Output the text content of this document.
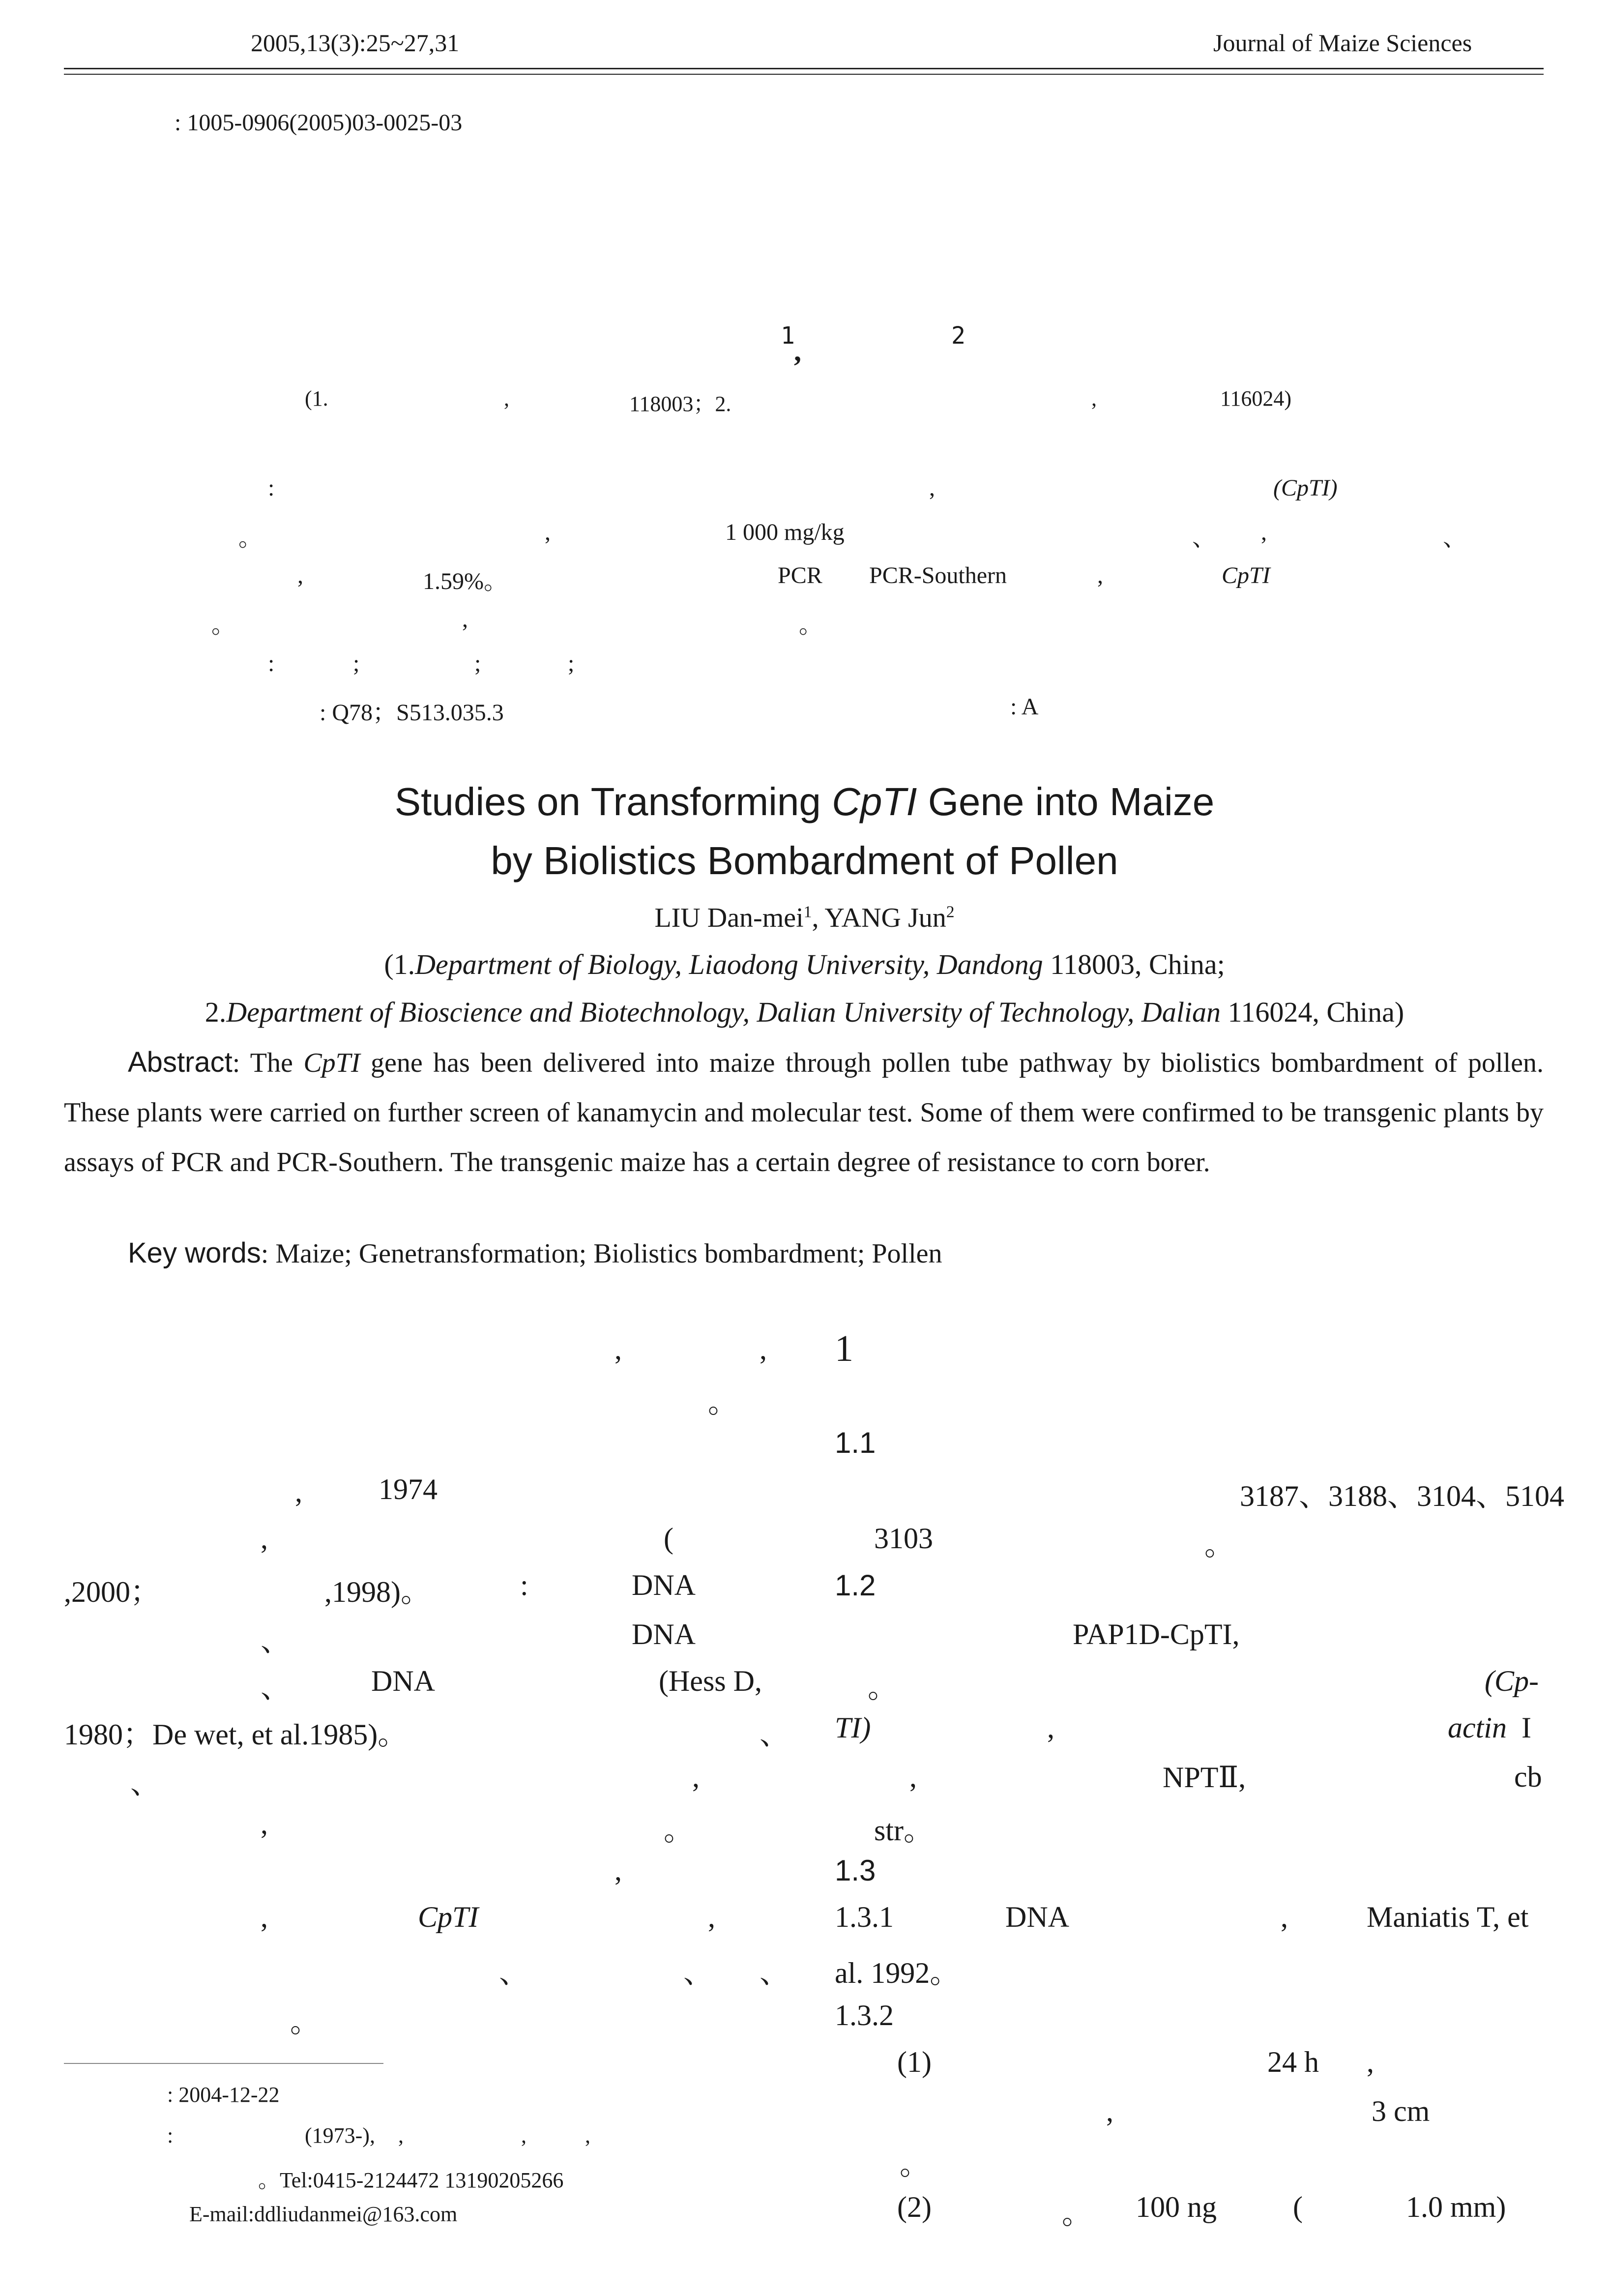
2005,13(3):25~27,31	Journal of Maize Sciences
: 1005-0906(2005)03-0025-03
1
,	2
(1.	,	118003；2.	,	116024)
:	,	(CpTI)
。	,	1 000 mg/kg	、 ,	、
,	1.59%。	PCR PCR-Southern	,	CpTI
。	,	。
:	;	;	;
: Q78；S513.035.3	: A
Studies on Transforming CpTI Gene into Maize
by Biolistics Bombardment of Pollen
LIU Dan-mei$^1$, YANG Jun$^2$
(1.Department of Biology, Liaodong University, Dandong 118003, China;
2.Department of Bioscience and Biotechnology, Dalian University of Technology, Dalian 116024, China)
Abstract: The CpTI gene has been delivered into maize through pollen tube pathway by biolistics bombardment of pollen. These plants were carried on further screen of kanamycin and molecular test. Some of them were confirmed to be transgenic plants by assays of PCR and PCR-Southern. The transgenic maize has a certain degree of resistance to corn borer.
Key words: Maize; Genetransformation; Biolistics bombardment; Pollen
,	,
。
,	1974
,	(
,2000；	,1998)。	:	DNA
、	DNA
、	DNA	(Hess D,
1980；De wet, et al.1985)。	、
、	,
,	。
,
,	CpTI	,
、	、 、
。
1
1.1
3187、3188、3104、5104
3103	。
1.2
PAP1D-CpTI,
。	(Cp-
TI)	,	actin I
,	NPTⅡ,	cb
str。
1.3
1.3.1	DNA	,	Maniatis T, et
al. 1992。
1.3.2
(1)	24 h ,
,	3 cm
。
(2)	。 100 ng	(	1.0 mm)
: 2004-12-22
:	(1973-), ,	,	,
。Tel:0415-2124472 13190205266
E-mail:ddliudanmei@163.com
